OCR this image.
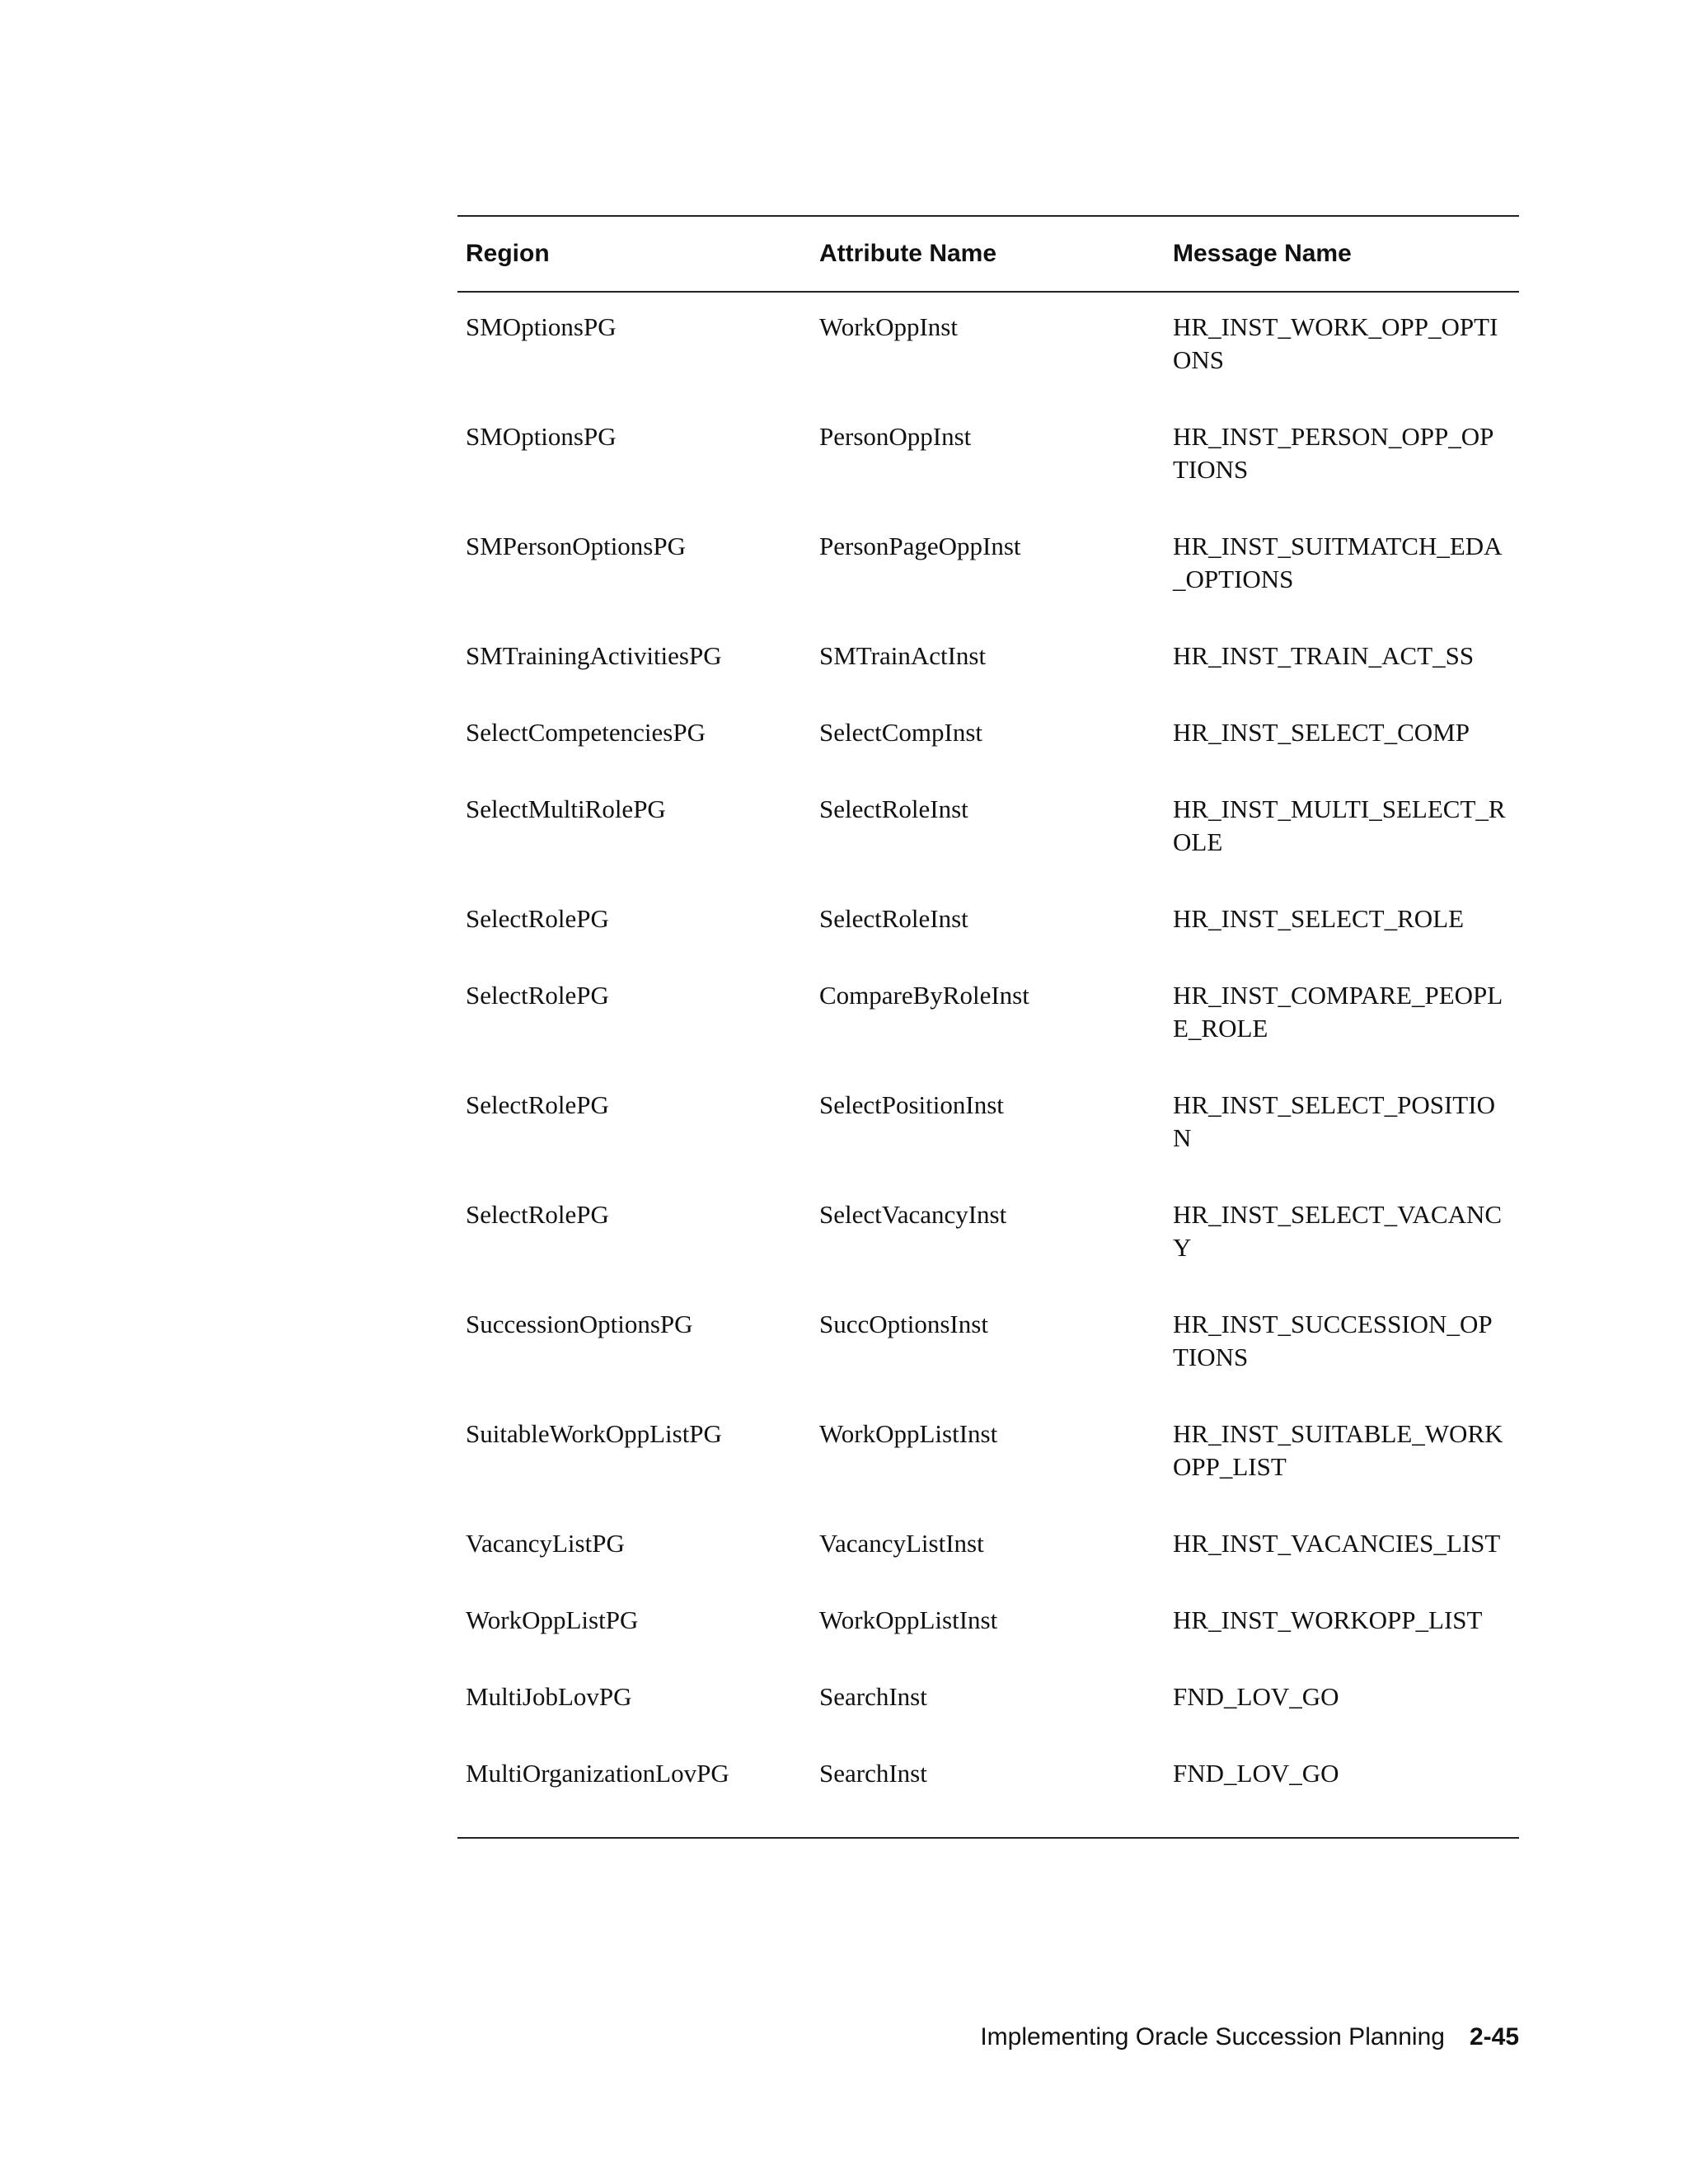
Region	Attribute Name	Message Name
SMOptionsPG	WorkOppInst	HR_INST_WORK_OPP_OPTIONS
SMOptionsPG	PersonOppInst	HR_INST_PERSON_OPP_OPTIONS
SMPersonOptionsPG	PersonPageOppInst	HR_INST_SUITMATCH_EDA_OPTIONS
SMTrainingActivitiesPG	SMTrainActInst	HR_INST_TRAIN_ACT_SS
SelectCompetenciesPG	SelectCompInst	HR_INST_SELECT_COMP
SelectMultiRolePG	SelectRoleInst	HR_INST_MULTI_SELECT_ROLE
SelectRolePG	SelectRoleInst	HR_INST_SELECT_ROLE
SelectRolePG	CompareByRoleInst	HR_INST_COMPARE_PEOPLE_ROLE
SelectRolePG	SelectPositionInst	HR_INST_SELECT_POSITION
SelectRolePG	SelectVacancyInst	HR_INST_SELECT_VACANCY
SuccessionOptionsPG	SuccOptionsInst	HR_INST_SUCCESSION_OPTIONS
SuitableWorkOppListPG	WorkOppListInst	HR_INST_SUITABLE_WORKOPP_LIST
VacancyListPG	VacancyListInst	HR_INST_VACANCIES_LIST
WorkOppListPG	WorkOppListInst	HR_INST_WORKOPP_LIST
MultiJobLovPG	SearchInst	FND_LOV_GO
MultiOrganizationLovPG	SearchInst	FND_LOV_GO
Implementing Oracle Succession Planning 2-45
